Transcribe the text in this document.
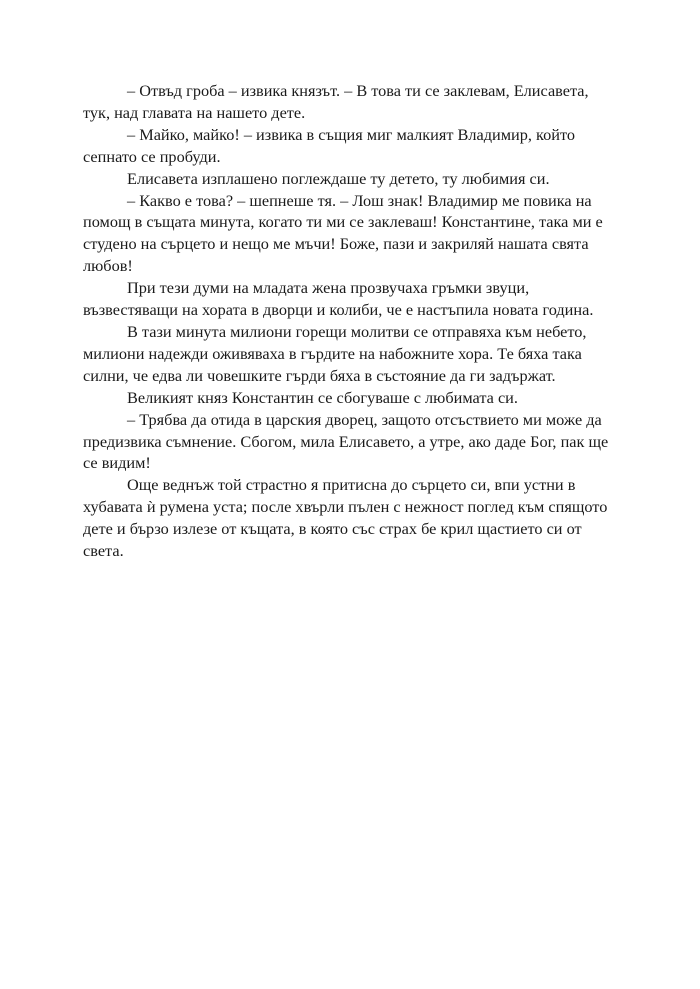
– Отвъд гроба – извика князът. – В това ти се заклевам, Елисавета, тук, над главата на нашето дете.

– Майко, майко! – извика в същия миг малкият Владимир, който сепнато се пробуди.

Елисавета изплашено поглеждаше ту детето, ту любимия си.

– Какво е това? – шепнеше тя. – Лош знак! Владимир ме повика на помощ в същата минута, когато ти ми се заклеваш! Константине, така ми е студено на сърцето и нещо ме мъчи! Боже, пази и закриляй нашата свята любов!

При тези думи на младата жена прозвучаха гръмки звуци, възвестяващи на хората в дворци и колиби, че е настъпила новата година.

В тази минута милиони горещи молитви се отправяха към небето, милиони надежди оживяваха в гърдите на набожните хора. Те бяха така силни, че едва ли човешките гърди бяха в състояние да ги задържат.

Великият княз Константин се сбогуваше с любимата си.

– Трябва да отида в царския дворец, защото отсъствието ми може да предизвика съмнение. Сбогом, мила Елисавето, а утре, ако даде Бог, пак ще се видим!

Още веднъж той страстно я притисна до сърцето си, впи устни в хубавата ѝ румена уста; после хвърли пълен с нежност поглед към спящото дете и бързо излезе от къщата, в която със страх бе крил щастието си от света.
